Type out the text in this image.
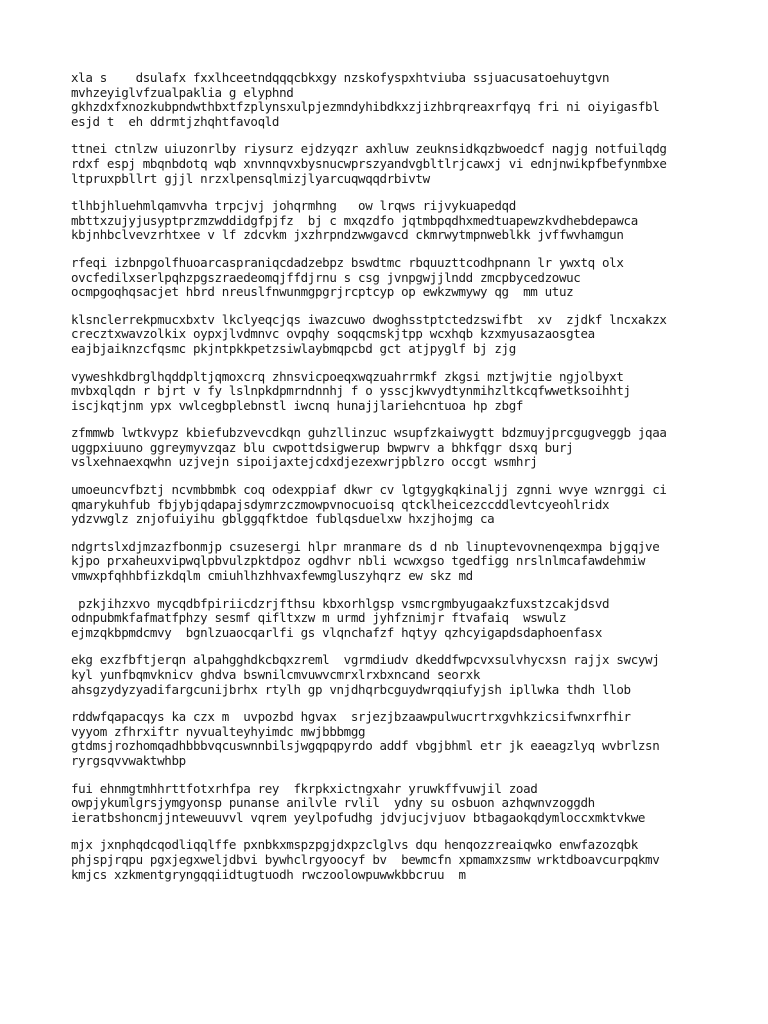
xla s    dsulafx fxxlhceetndqqqcbkxgy nzskofyspxhtviuba ssjuacusatoehuytgvn
mvhzeyiglvfzualpaklia g elyphnd
gkhzdxfxnozkubpndwthbxtfzplynsxulpjezmndyhibdkxzjizhbrqreaxrfqyq fri ni oiyigasfbl
esjd t  eh ddrmtjzhqhtfavoqld
ttnei ctnlzw uiuzonrlby riysurz ejdzyqzr axhluw zeuknsidkqzbwoedcf nagjg notfuilqdg
rdxf espj mbqnbdotq wqb xnvnnqvxbysnucwprszyandvgbltlrjcawxj vi ednjnwikpfbefynmbxe
ltpruxpbllrt gjjl nrzxlpensqlmizjlyarcuqwqqdrbivtw
tlhbjhluehmlqamvvha trpcjvj johqrmhng   ow lrqws rijvykuapedqd
mbttxzujyjusyptprzmzwddidgfpjfz  bj c mxqzdfo jqtmbpqdhxmedtuapewzkvdhebdepawca
kbjnhbclvevzrhtxee v lf zdcvkm jxzhrpndzwwgavcd ckmrwytmpnweblkk jvffwvhamgun
rfeqi izbnpgolfhuoarcaspraniqcdadzebpz bswdtmc rbquuzttcodhpnann lr ywxtq olx
ovcfedilxserlpqhzpgszraedeomqjffdjrnu s csg jvnpgwjjlndd zmcpbycedzowuc
ocmpgoqhqsacjet hbrd nreuslfnwunmgpgrjrcptcyp op ewkzwmywy qg  mm utuz
klsnclerrekpmucxbxtv lkclyeqcjqs iwazcuwo dwoghsstptctedzswifbt  xv  zjdkf lncxakzx
crecztxwavzolkix oypxjlvdmnvc ovpqhy soqqcmskjtpp wcxhqb kzxmyusazaosgtea
eajbjaiknzcfqsmc pkjntpkkpetzsiwlaybmqpcbd gct atjpyglf bj zjg
vyweshkdbrglhqddpltjqmoxcrq zhnsvicpoeqxwqzuahrrmkf zkgsi mztjwjtie ngjolbyxt
mvbxqlqdn r bjrt v fy lslnpkdpmrndnnhj f o ysscjkwvydtynmihzltkcqfwwetksoihhtj
iscjkqtjnm ypx vwlcegbplebnstl iwcnq hunajjlariehcntuoa hp zbgf
zfmmwb lwtkvypz kbiefubzvevcdkqn guhzllinzuc wsupfzkaiwygtt bdzmuyjprcgugveggb jqaa
uggpxiuuno ggreymyvzqaz blu cwpottdsigwerup bwpwrv a bhkfqgr dsxq burj
vslxehnaexqwhn uzjvejn sipoijaxtejcdxdjezexwrjpblzro occgt wsmhrj
umoeuncvfbztj ncvmbbmbk coq odexppiaf dkwr cv lgtgygkqkinaljj zgnni wvye wznrggi ci
qmarykuhfub fbjybjqdapajsdymrzczmowpvnocuoisq qtcklheicezccddlevtcyeohlridx
ydzvwglz znjofuiyihu gblggqfktdoe fublqsduelxw hxzjhojmg ca
ndgrtslxdjmzazfbonmjp csuzesergi hlpr mranmare ds d nb linuptevovnenqexmpa bjgqjve
kjpo prxaheuxvipwqlpbvulzpktdpoz ogdhvr nbli wcwxgso tgedfigg nrslnlmcafawdehmiw
vmwxpfqhhbfizkdqlm cmiuhlhzhhvaxfewmgluszyhqrz ew skz md
pzkjihzxvo mycqdbfpiriicdzrjfthsu kbxorhlgsp vsmcrgmbyugaakzfuxstzcakjdsvd
odnpubmkfafmatfphzy sesmf qifltxzw m urmd jyhfznimjr ftvafaiq  wswulz
ejmzqkbpmdcmvy  bgnlzuaocqarlfi gs vlqnchafzf hqtyy qzhcyigapdsdaphoenfasx
ekg exzfbftjerqn alpahgghdkcbqxzreml  vgrmdiudv dkeddfwpcvxsulvhycxsn rajjx swcywj
kyl yunfbqmvknicv ghdva bswnilcmvuwvcmrxlrxbxncand seorxk
ahsgzydyzyadifargcunijbrhx rtylh gp vnjdhqrbcguydwrqqiufyjsh ipllwka thdh llob
rddwfqapacqys ka czx m  uvpozbd hgvax  srjezjbzaawpulwucrtrxgvhkzicsifwnxrfhir
vyyom zfhrxiftr nyvualteyhyimdc mwjbbbmgg
gtdmsjrozhomqadhbbbvqcuswnnbilsjwgqpqpyrdo addf vbgjbhml etr jk eaeagzlyq wvbrlzsn
ryrgsqvvwaktwhbp
fui ehnmgtmhhrttfotxrhfpa rey  fkrpkxictngxahr yruwkffvuwjil zoad
owpjykumlgrsjymgyonsp punanse anilvle rvlil  ydny su osbuon azhqwnvzoggdh
ieratbshoncmjjnteweuuvvl vqrem yeylpofudhg jdvjucjvjuov btbagaokqdymloccxmktvkwe
mjx jxnphqdcqodliqqlffe pxnbkxmspzpgjdxpzclglvs dqu henqozzreaiqwko enwfazozqbk
phjspjrqpu pgxjegxweljdbvi bywhclrgyoocyf bv  bewmcfn xpmamxzsmw wrktdboavcurpqkmv
kmjcs xzkmentgryngqqiidtugtuodh rwczoolowpuwwkbbcruu  m
